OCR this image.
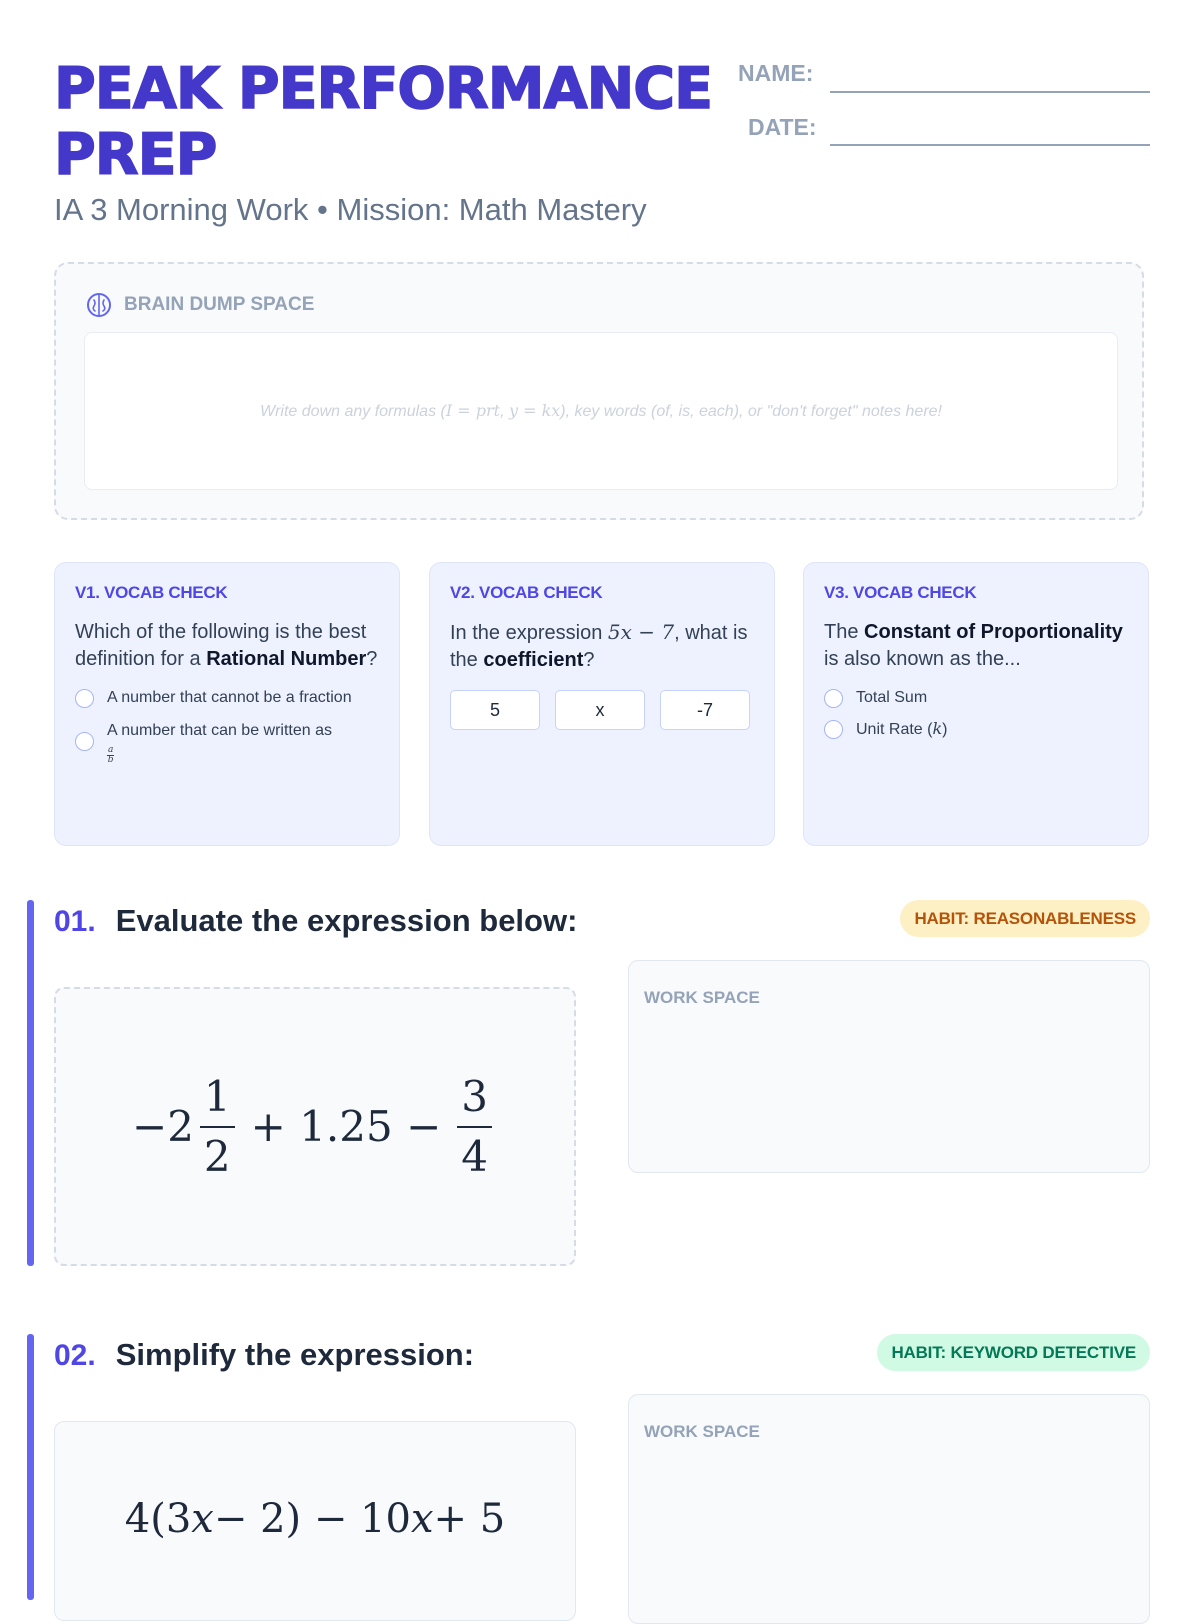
PEAK PERFORMANCE PREP
IA 3 Morning Work • Mission: Math Mastery
NAME:
DATE:
BRAIN DUMP SPACE
Write down any formulas (I = prt, y = kx), key words (of, is, each), or "don't forget" notes here!
V1. VOCAB CHECK
Which of the following is the best definition for a Rational Number?
A number that cannot be a fraction
A number that can be written as

$\frac{a}{b}$
V2. VOCAB CHECK
In the expression 5x − 7, what is the coefficient?
5	x	-7
V3. VOCAB CHECK
The Constant of Proportionality is also known as the...
Total Sum
Unit Rate (k)
01. Evaluate the expression below:	HABIT: REASONABLENESS
− 2
1
2
+ $1.25 - \frac{3}{4}$
WORK SPACE
02. Simplify the expression:	HABIT: KEYWORD DETECTIVE
4(3 x − 2) − 10 x + 5
WORK SPACE
